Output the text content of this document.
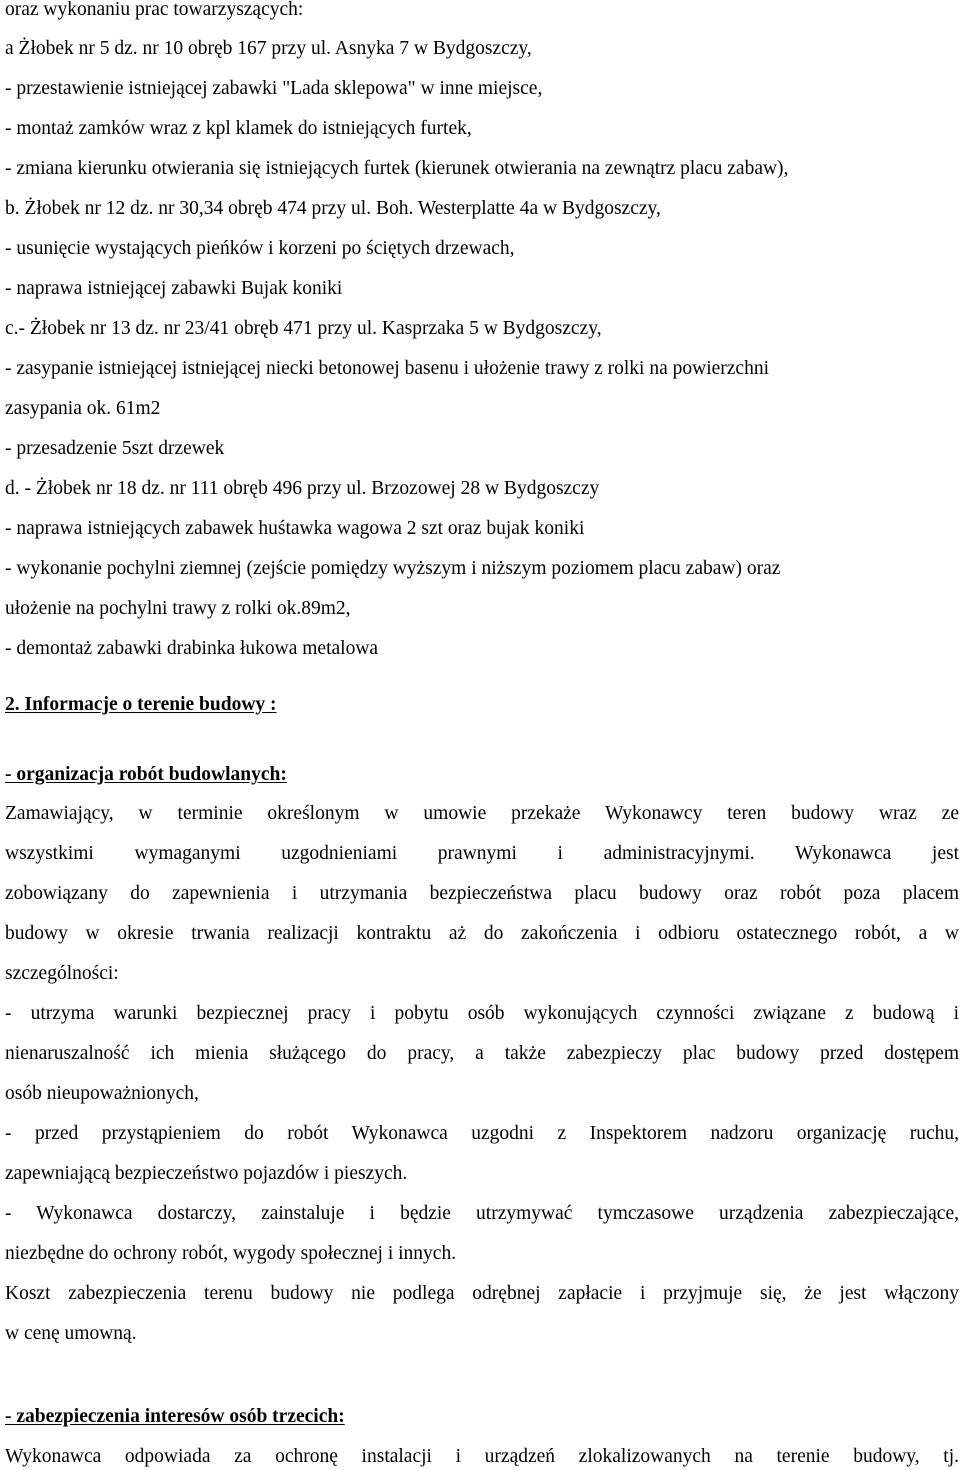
oraz wykonaniu prac towarzyszących:
a Żłobek nr 5 dz. nr 10 obręb 167 przy ul. Asnyka 7 w Bydgoszczy,
- przestawienie istniejącej zabawki "Lada sklepowa" w inne miejsce,
- montaż zamków wraz z kpl klamek do istniejących furtek,
- zmiana kierunku otwierania się istniejących furtek (kierunek otwierania na zewnątrz placu zabaw),
b. Żłobek nr 12 dz. nr 30,34 obręb 474 przy ul. Boh. Westerplatte 4a w Bydgoszczy,
- usunięcie wystających pieńków i korzeni po ściętych drzewach,
- naprawa istniejącej zabawki Bujak koniki
c.- Żłobek nr 13 dz. nr 23/41 obręb 471 przy ul. Kasprzaka 5 w Bydgoszczy,
- zasypanie istniejącej istniejącej niecki betonowej basenu i ułożenie trawy z rolki na powierzchni
zasypania ok. 61m2
- przesadzenie 5szt drzewek
d. - Żłobek nr 18 dz. nr 111 obręb 496 przy ul. Brzozowej 28 w Bydgoszczy
- naprawa istniejących zabawek huśtawka wagowa 2 szt oraz bujak koniki
- wykonanie pochylni ziemnej (zejście pomiędzy wyższym i niższym poziomem placu zabaw) oraz
ułożenie na pochylni trawy z rolki ok.89m2,
- demontaż zabawki drabinka łukowa metalowa
2. Informacje o terenie budowy :
- organizacja robót budowlanych:
Zamawiający, w terminie określonym w umowie przekaże Wykonawcy teren budowy wraz ze
wszystkimi wymaganymi uzgodnieniami prawnymi i administracyjnymi. Wykonawca jest
zobowiązany do zapewnienia i utrzymania bezpieczeństwa placu budowy oraz robót poza placem
budowy w okresie trwania realizacji kontraktu aż do zakończenia i odbioru ostatecznego robót, a w
szczególności:
- utrzyma warunki bezpiecznej pracy i pobytu osób wykonujących czynności związane z budową i
nienaruszalność ich mienia służącego do pracy, a także zabezpieczy plac budowy przed dostępem
osób nieupoważnionych,
- przed przystąpieniem do robót Wykonawca uzgodni z Inspektorem nadzoru organizację ruchu,
zapewniającą bezpieczeństwo pojazdów i pieszych.
- Wykonawca dostarczy, zainstaluje i będzie utrzymywać tymczasowe urządzenia zabezpieczające,
niezbędne do ochrony robót, wygody społecznej i innych.
Koszt zabezpieczenia terenu budowy nie podlega odrębnej zapłacie i przyjmuje się, że jest włączony
w cenę umowną.
- zabezpieczenia interesów osób trzecich:
Wykonawca odpowiada za ochronę instalacji i urządzeń zlokalizowanych na terenie budowy, tj.
